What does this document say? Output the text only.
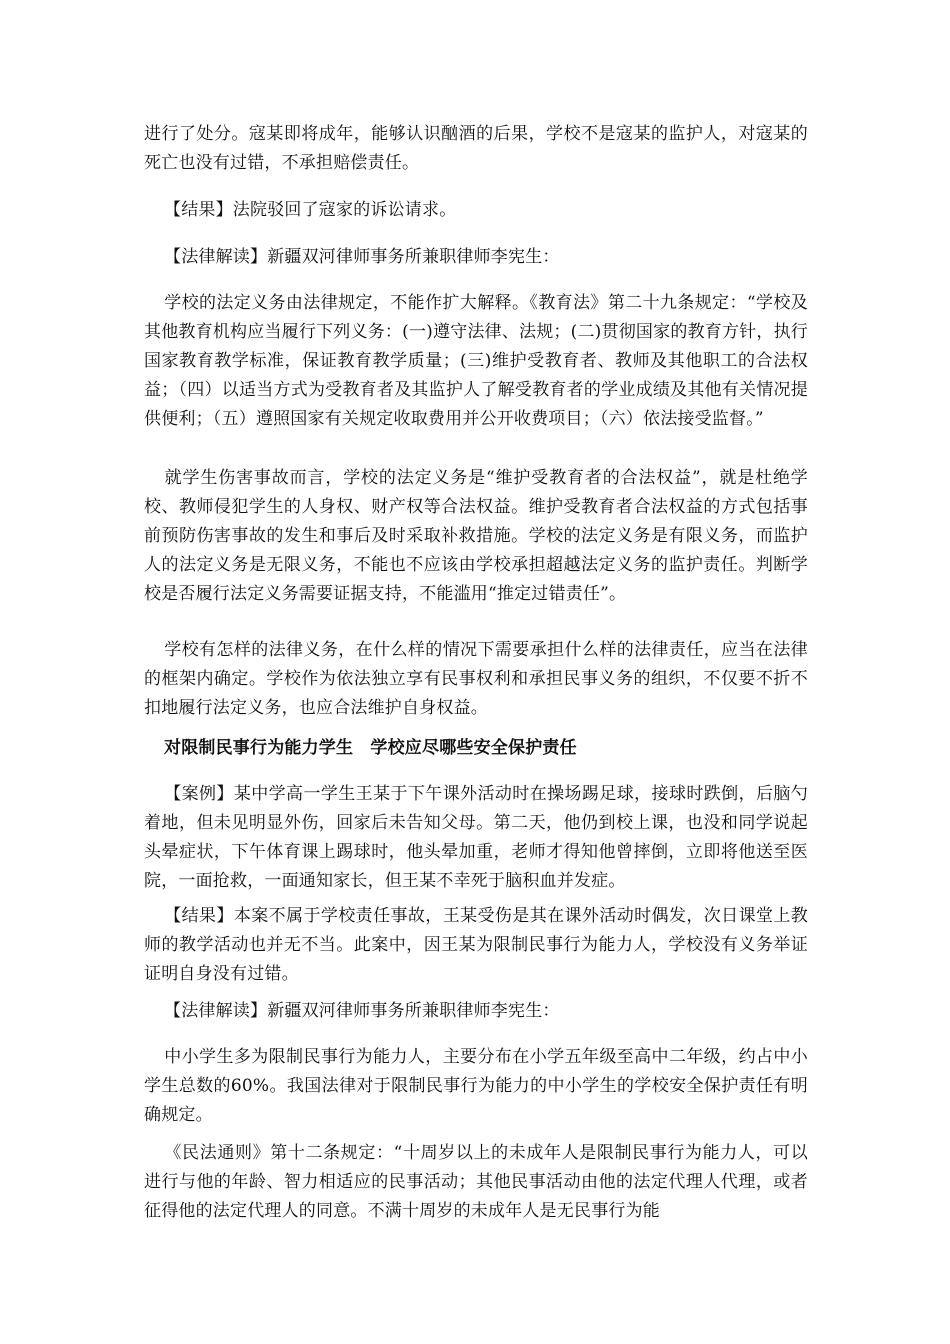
进行了处分。寇某即将成年，能够认识酗酒的后果，学校不是寇某的监护人，对寇某的死亡也没有过错，不承担赔偿责任。

【结果】法院驳回了寇家的诉讼请求。

【法律解读】新疆双河律师事务所兼职律师李宪生：

学校的法定义务由法律规定，不能作扩大解释。《教育法》第二十九条规定：“学校及其他教育机构应当履行下列义务：(一)遵守法律、法规；(二)贯彻国家的教育方针，执行国家教育教学标准，保证教育教学质量；(三)维护受教育者、教师及其他职工的合法权益；（四）以适当方式为受教育者及其监护人了解受教育者的学业成绩及其他有关情况提供便利；（五）遵照国家有关规定收取费用并公开收费项目；（六）依法接受监督。”

就学生伤害事故而言，学校的法定义务是“维护受教育者的合法权益”，就是杜绝学校、教师侵犯学生的人身权、财产权等合法权益。维护受教育者合法权益的方式包括事前预防伤害事故的发生和事后及时采取补救措施。学校的法定义务是有限义务，而监护人的法定义务是无限义务，不能也不应该由学校承担超越法定义务的监护责任。判断学校是否履行法定义务需要证据支持，不能滥用“推定过错责任”。

学校有怎样的法律义务，在什么样的情况下需要承担什么样的法律责任，应当在法律的框架内确定。学校作为依法独立享有民事权利和承担民事义务的组织，不仅要不折不扣地履行法定义务，也应合法维护自身权益。

对限制民事行为能力学生　学校应尽哪些安全保护责任

【案例】某中学高一学生王某于下午课外活动时在操场踢足球，接球时跌倒，后脑勺着地，但未见明显外伤，回家后未告知父母。第二天，他仍到校上课，也没和同学说起头晕症状，下午体育课上踢球时，他头晕加重，老师才得知他曾摔倒，立即将他送至医院，一面抢救，一面通知家长，但王某不幸死于脑积血并发症。

【结果】本案不属于学校责任事故，王某受伤是其在课外活动时偶发，次日课堂上教师的教学活动也并无不当。此案中，因王某为限制民事行为能力人，学校没有义务举证证明自身没有过错。

【法律解读】新疆双河律师事务所兼职律师李宪生：

中小学生多为限制民事行为能力人，主要分布在小学五年级至高中二年级，约占中小学生总数的60%。我国法律对于限制民事行为能力的中小学生的学校安全保护责任有明确规定。

《民法通则》第十二条规定：“十周岁以上的未成年人是限制民事行为能力人，可以进行与他的年龄、智力相适应的民事活动；其他民事活动由他的法定代理人代理，或者征得他的法定代理人的同意。不满十周岁的未成年人是无民事行为能
